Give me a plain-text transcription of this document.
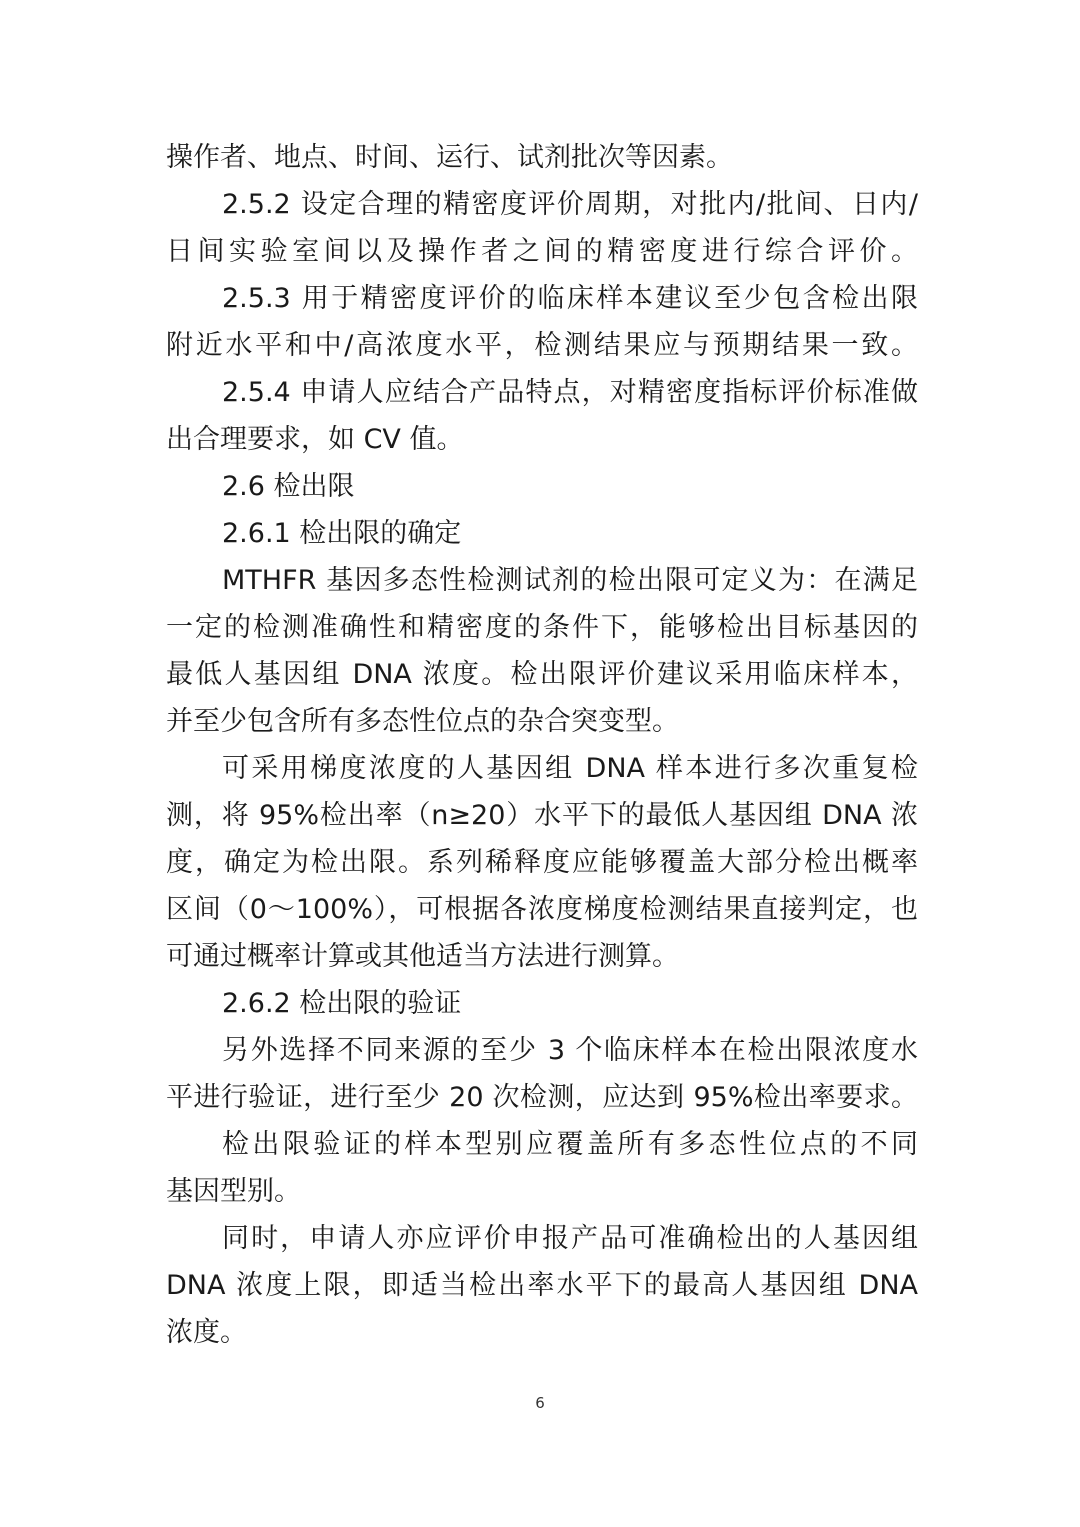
操作者、地点、时间、运行、试剂批次等因素。
2.5.2 设定合理的精密度评价周期，对批内/批间、日内/
日间实验室间以及操作者之间的精密度进行综合评价。
2.5.3 用于精密度评价的临床样本建议至少包含检出限
附近水平和中/高浓度水平，检测结果应与预期结果一致。
2.5.4 申请人应结合产品特点，对精密度指标评价标准做
出合理要求，如 CV 值。
2.6 检出限
2.6.1 检出限的确定
MTHFR 基因多态性检测试剂的检出限可定义为：在满足
一定的检测准确性和精密度的条件下，能够检出目标基因的
最低人基因组 DNA 浓度。检出限评价建议采用临床样本，
并至少包含所有多态性位点的杂合突变型。
可采用梯度浓度的人基因组 DNA 样本进行多次重复检
测，将 95%检出率（n≥20）水平下的最低人基因组 DNA 浓
度，确定为检出限。系列稀释度应能够覆盖大部分检出概率
区间（0～100%），可根据各浓度梯度检测结果直接判定，也
可通过概率计算或其他适当方法进行测算。
2.6.2 检出限的验证
另外选择不同来源的至少 3 个临床样本在检出限浓度水
平进行验证，进行至少 20 次检测，应达到 95%检出率要求。
检出限验证的样本型别应覆盖所有多态性位点的不同
基因型别。
同时，申请人亦应评价申报产品可准确检出的人基因组
DNA 浓度上限，即适当检出率水平下的最高人基因组 DNA
浓度。
6
